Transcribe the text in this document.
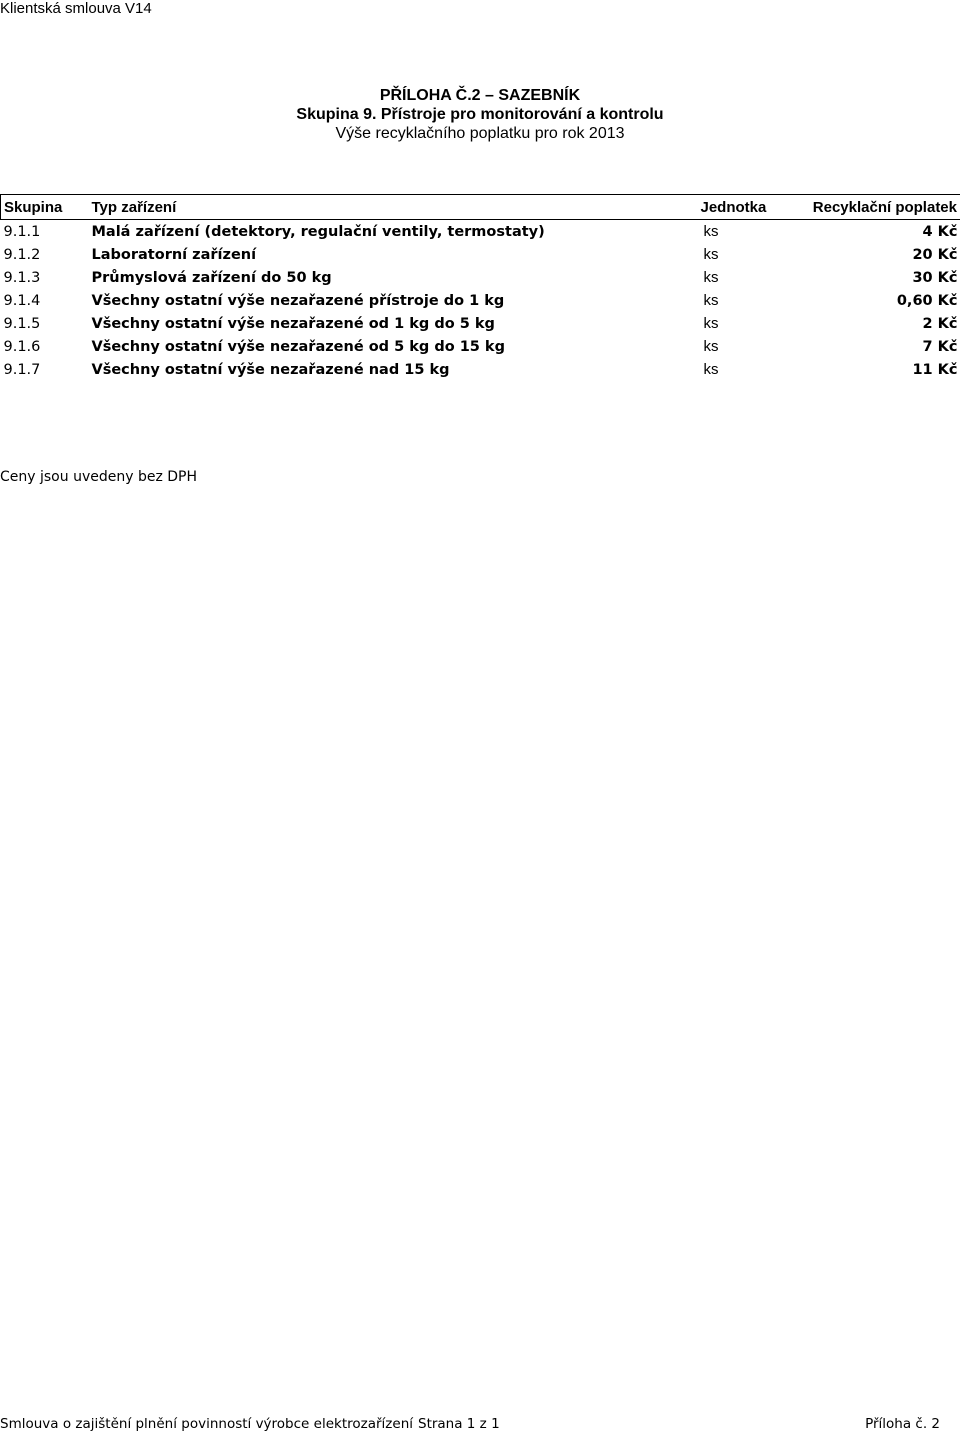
Klientská smlouva V14
PŘÍLOHA Č.2 – SAZEBNÍK
Skupina 9. Přístroje pro monitorování a kontrolu
Výše recyklačního poplatku pro rok 2013
Skupina	Typ zařízení	Jednotka	Recyklační poplatek
9.1.1	Malá zařízení (detektory, regulační ventily, termostaty)	ks	4 Kč
9.1.2	Laboratorní zařízení	ks	20 Kč
9.1.3	Průmyslová zařízení do 50 kg	ks	30 Kč
9.1.4	Všechny ostatní výše nezařazené přístroje do 1 kg	ks	0,60 Kč
9.1.5	Všechny ostatní výše nezařazené od 1 kg do 5 kg	ks	2 Kč
9.1.6	Všechny ostatní výše nezařazené od 5 kg do 15 kg	ks	7 Kč
9.1.7	Všechny ostatní výše nezařazené nad 15 kg	ks	11 Kč
Ceny jsou uvedeny bez DPH
Smlouva o zajištění plnění povinností výrobce elektrozařízení Strana 1 z 1	Příloha č. 2
